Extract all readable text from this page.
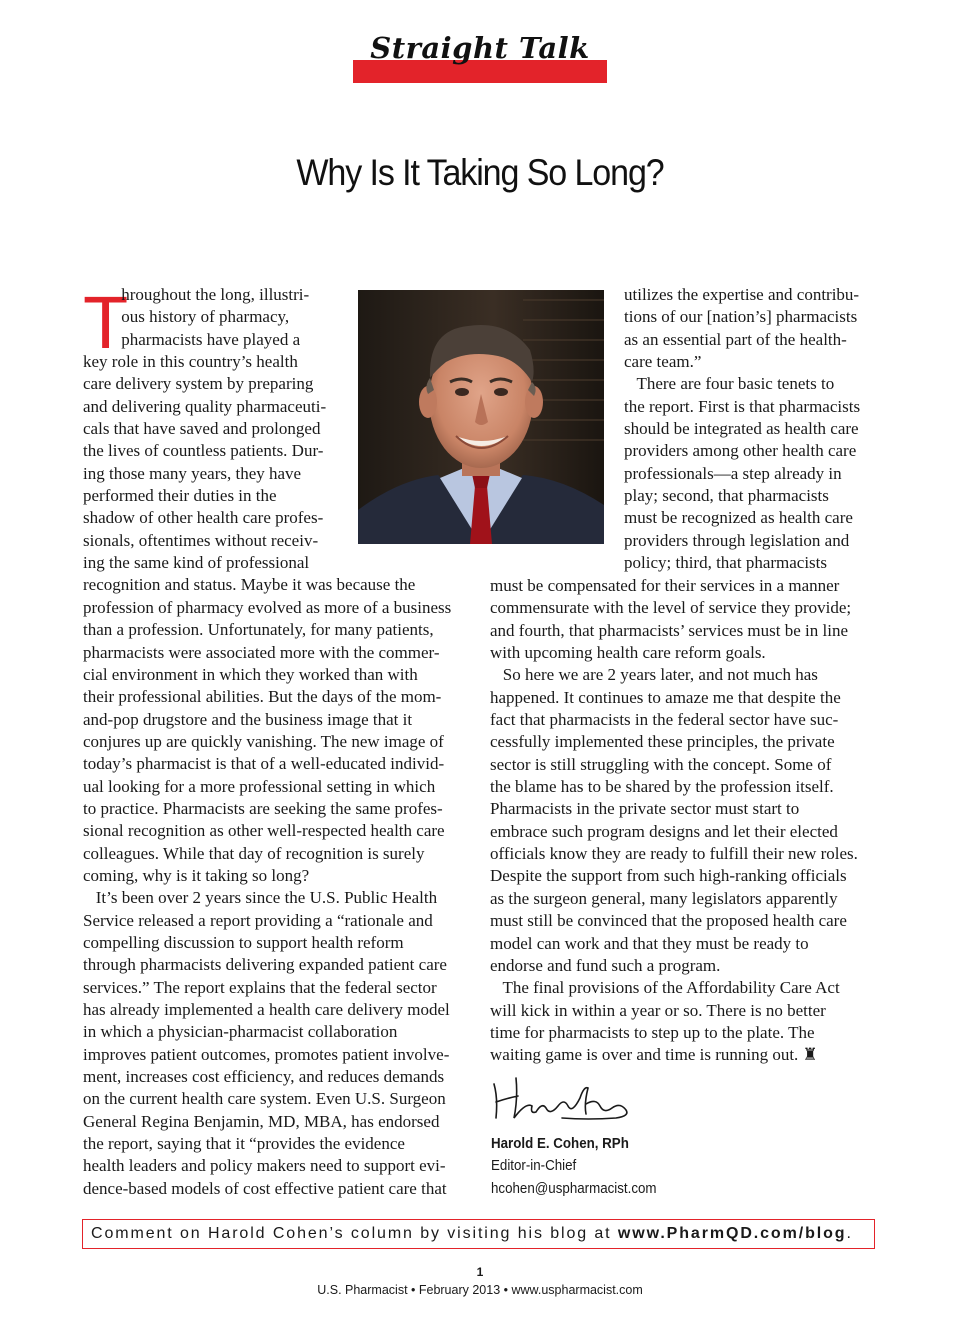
Straight Talk
Why Is It Taking So Long?
T
hroughout the long, illustri-
ous history of pharmacy,
pharmacists have played a
key role in this country’s health
care delivery system by preparing
and delivering quality pharmaceuti-
cals that have saved and prolonged
the lives of countless patients. Dur-
ing those many years, they have
performed their duties in the
shadow of other health care profes-
sionals, oftentimes without receiv-
ing the same kind of professional
recognition and status. Maybe it was because the
profession of pharmacy evolved as more of a business
than a profession. Unfortunately, for many patients,
pharmacists were associated more with the commer-
cial environment in which they worked than with
their professional abilities. But the days of the mom-
and-pop drugstore and the business image that it
conjures up are quickly vanishing. The new image of
today’s pharmacist is that of a well-educated individ-
ual looking for a more professional setting in which
to practice. Pharmacists are seeking the same profes-
sional recognition as other well-respected health care
colleagues. While that day of recognition is surely
coming, why is it taking so long?
It’s been over 2 years since the U.S. Public Health
Service released a report providing a “rationale and
compelling discussion to support health reform
through pharmacists delivering expanded patient care
services.” The report explains that the federal sector
has already implemented a health care delivery model
in which a physician-pharmacist collaboration
improves patient outcomes, promotes patient involve-
ment, increases cost efficiency, and reduces demands
on the current health care system. Even U.S. Surgeon
General Regina Benjamin, MD, MBA, has endorsed
the report, saying that it “provides the evidence
health leaders and policy makers need to support evi-
dence-based models of cost effective patient care that
utilizes the expertise and contribu-
tions of our [nation’s] pharmacists
as an essential part of the health-
care team.”
There are four basic tenets to
the report. First is that pharmacists
should be integrated as health care
providers among other health care
professionals—a step already in
play; second, that pharmacists
must be recognized as health care
providers through legislation and
policy; third, that pharmacists
must be compensated for their services in a manner
commensurate with the level of service they provide;
and fourth, that pharmacists’ services must be in line
with upcoming health care reform goals.
So here we are 2 years later, and not much has
happened. It continues to amaze me that despite the
fact that pharmacists in the federal sector have suc-
cessfully implemented these principles, the private
sector is still struggling with the concept. Some of
the blame has to be shared by the profession itself.
Pharmacists in the private sector must start to
embrace such program designs and let their elected
officials know they are ready to fulfill their new roles.
Despite the support from such high-ranking officials
as the surgeon general, many legislators apparently
must still be convinced that the proposed health care
model can work and that they must be ready to
endorse and fund such a program.
The final provisions of the Affordability Care Act
will kick in within a year or so. There is no better
time for pharmacists to step up to the plate. The
waiting game is over and time is running out. ♜
Harold E. Cohen, RPh
Editor-in-Chief
hcohen@uspharmacist.com
Comment on Harold Cohen’s column by visiting his blog at www.PharmQD.com/blog.
1
U.S. Pharmacist • February 2013 • www.uspharmacist.com
